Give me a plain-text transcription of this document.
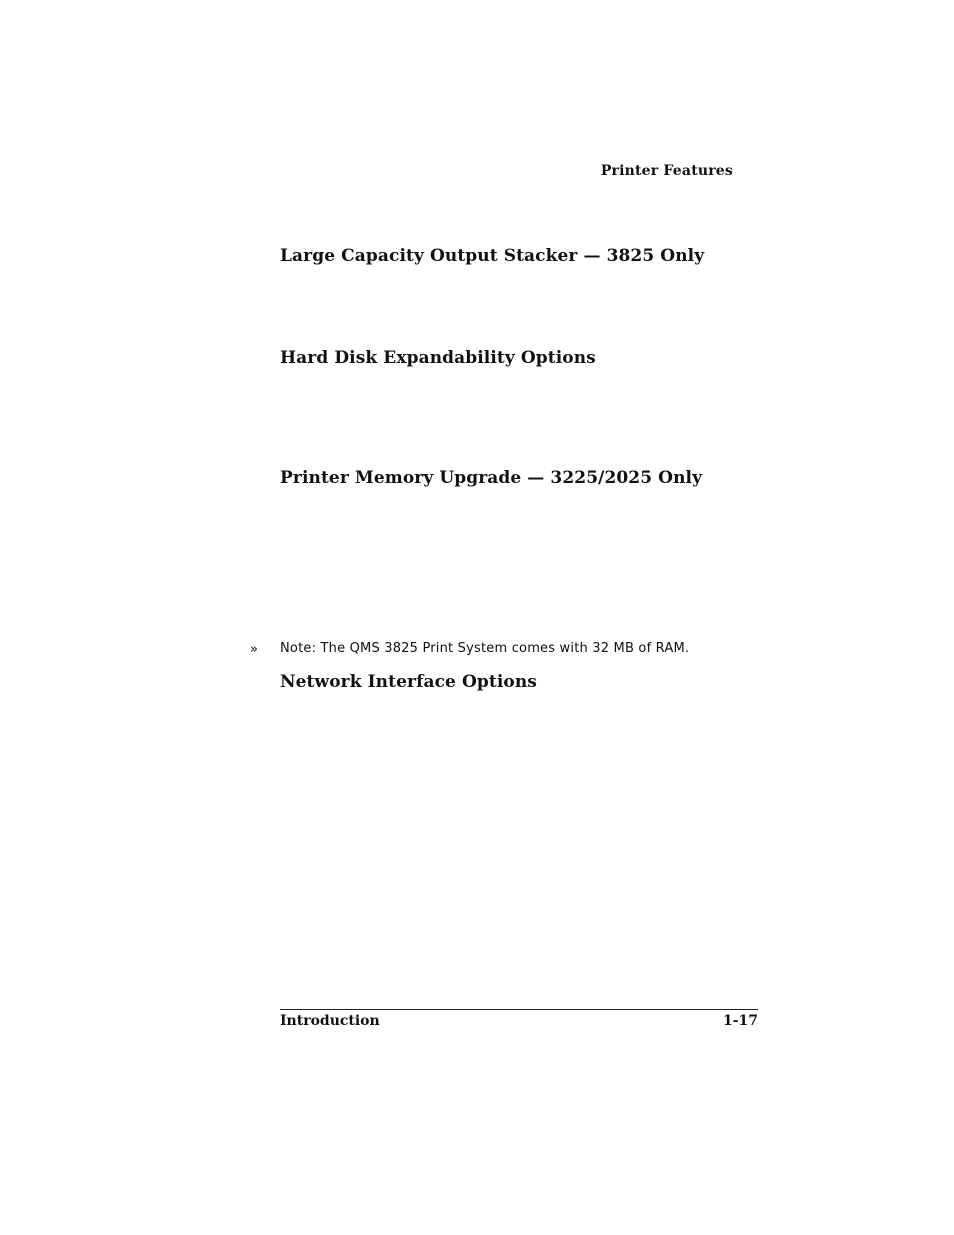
Printer Features
Large Capacity Output Stacker — 3825 Only
Hard Disk Expandability Options
Printer Memory Upgrade — 3225/2025 Only
» Note: The QMS 3825 Print System comes with 32 MB of RAM.
Network Interface Options
Introduction	1-17
